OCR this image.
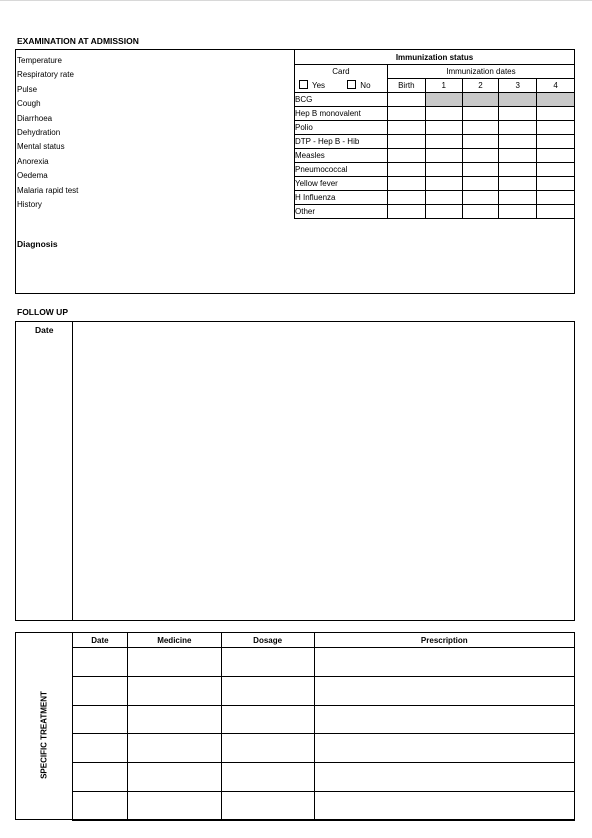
EXAMINATION AT ADMISSION
Temperature
Respiratory rate
Pulse
Cough
Diarrhoea
Dehydration
Mental status
Anorexia
Oedema
Malaria rapid test
History
Diagnosis
Immunization status					
Card	Immunization dates				
Yes No	Birth	1	2	3	4
BCG					
Hep B monovalent					
Polio					
DTP - Hep B - Hib					
Measles					
Pneumococcal					
Yellow fever					
H Influenza					
Other					
FOLLOW UP
Date
SPECIFIC TREATMENT
Date	Medicine	Dosage	Prescription
